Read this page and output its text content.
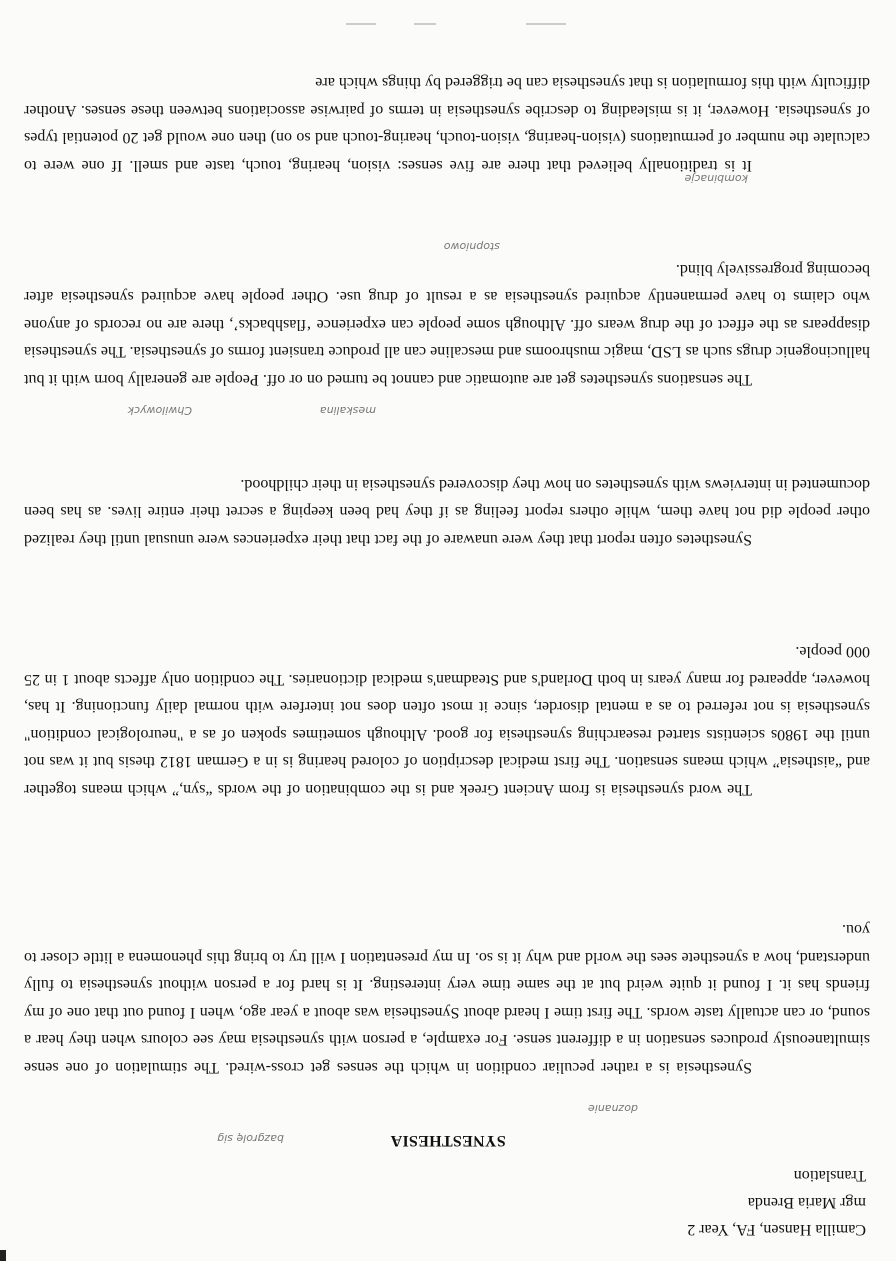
Camilla Hansen, FA, Year 2
mgr Maria Brenda
Translation
SYNESTHESIA
bazgrolę sig
doznanie
meskalina
Chwilowyck
stopniowo
kombinacje

Synesthesia is a rather peculiar condition in which the senses get cross-wired. The stimulation of one sense simultaneously produces sensation in a different sense. For example, a person with synesthesia may see colours when they hear a sound, or can actually taste words. The first time I heard about Synesthesia was about a year ago, when I found out that one of my friends has it. I found it quite weird but at the same time very interesting. It is hard for a person without synesthesia to fully understand, how a synesthete sees the world and why it is so. In my presentation I will try to bring this phenomena a little closer to you.

The word synesthesia is from Ancient Greek and is the combination of the words “syn,” which means together and “aisthesia” which means sensation. The first medical description of colored hearing is in a German 1812 thesis but it was not until the 1980s scientists started researching synesthesia for good. Although sometimes spoken of as a "neurological condition" synesthesia is not referred to as a mental disorder, since it most often does not interfere with normal daily functioning. It has, however, appeared for many years in both Dorland's and Steadman's medical dictionaries. The condition only affects about 1 in 25 000 people.

Synesthetes often report that they were unaware of the fact that their experiences were unusual until they realized other people did not have them, while others report feeling as if they had been keeping a secret their entire lives. as has been documented in interviews with synesthetes on how they discovered synesthesia in their childhood.

The sensations synesthetes get are automatic and cannot be turned on or off. People are generally born with it but hallucinogenic drugs such as LSD, magic mushrooms and mescaline can all produce transient forms of synesthesia. The synesthesia disappears as the effect of the drug wears off. Although some people can experience ‘flashbacks’, there are no records of anyone who claims to have permanently acquired synesthesia as a result of drug use. Other people have acquired synesthesia after becoming progressively blind.

It is traditionally believed that there are five senses: vision, hearing, touch, taste and smell. If one were to calculate the number of permutations (vision-hearing, vision-touch, hearing-touch and so on) then one would get 20 potential types of synesthesia. However, it is misleading to describe synesthesia in terms of pairwise associations between these senses. Another difficulty with this formulation is that synesthesia can be triggered by things which are
